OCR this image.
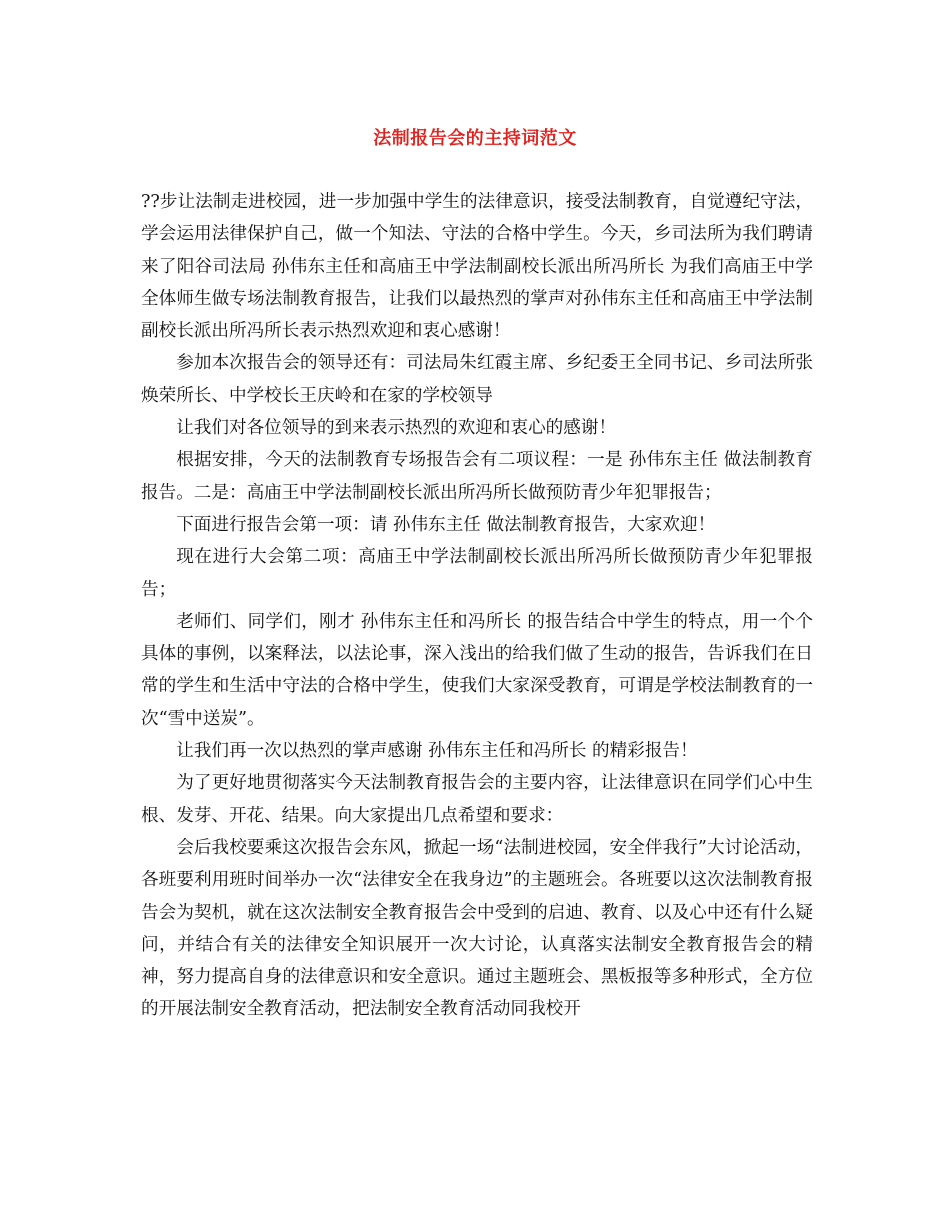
法制报告会的主持词范文

??步让法制走进校园，进一步加强中学生的法律意识，接受法制教育，自觉遵纪守法，学会运用法律保护自己，做一个知法、守法的合格中学生。今天，乡司法所为我们聘请来了阳谷司法局 孙伟东主任和高庙王中学法制副校长派出所冯所长 为我们高庙王中学全体师生做专场法制教育报告，让我们以最热烈的掌声对孙伟东主任和高庙王中学法制副校长派出所冯所长表示热烈欢迎和衷心感谢！

参加本次报告会的领导还有：司法局朱红霞主席、乡纪委王全同书记、乡司法所张焕荣所长、中学校长王庆岭和在家的学校领导

让我们对各位领导的到来表示热烈的欢迎和衷心的感谢！

根据安排，今天的法制教育专场报告会有二项议程：一是 孙伟东主任 做法制教育报告。二是：高庙王中学法制副校长派出所冯所长做预防青少年犯罪报告；

下面进行报告会第一项：请 孙伟东主任 做法制教育报告，大家欢迎！

现在进行大会第二项：高庙王中学法制副校长派出所冯所长做预防青少年犯罪报告；

老师们、同学们，刚才 孙伟东主任和冯所长 的报告结合中学生的特点，用一个个具体的事例，以案释法，以法论事，深入浅出的给我们做了生动的报告，告诉我们在日常的学生和生活中守法的合格中学生，使我们大家深受教育，可谓是学校法制教育的一次“雪中送炭”。

让我们再一次以热烈的掌声感谢 孙伟东主任和冯所长 的精彩报告！

为了更好地贯彻落实今天法制教育报告会的主要内容，让法律意识在同学们心中生根、发芽、开花、结果。向大家提出几点希望和要求：

会后我校要乘这次报告会东风，掀起一场“法制进校园，安全伴我行”大讨论活动，各班要利用班时间举办一次“法律安全在我身边”的主题班会。各班要以这次法制教育报告会为契机，就在这次法制安全教育报告会中受到的启迪、教育、以及心中还有什么疑问，并结合有关的法律安全知识展开一次大讨论，认真落实法制安全教育报告会的精神，努力提高自身的法律意识和安全意识。通过主题班会、黑板报等多种形式，全方位的开展法制安全教育活动，把法制安全教育活动同我校开
